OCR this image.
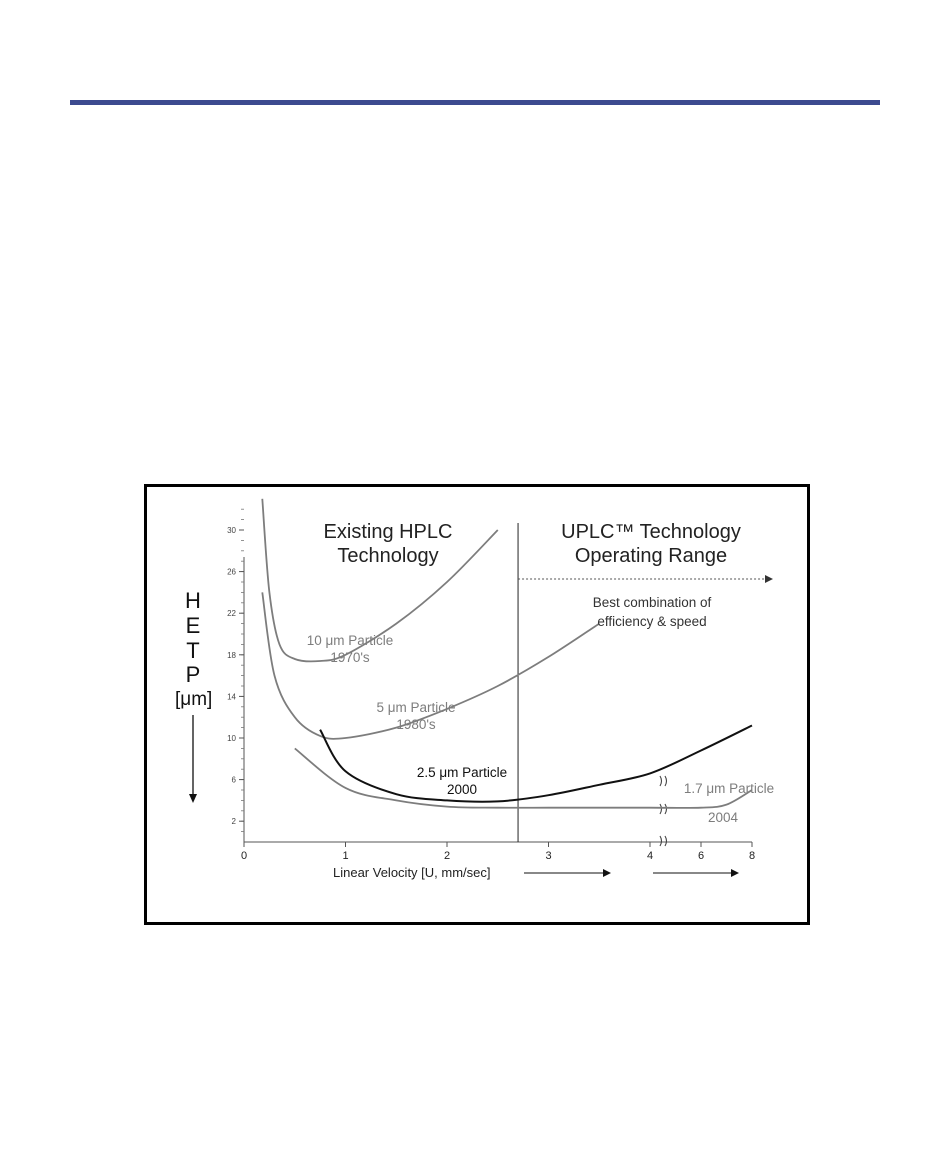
2
6
10
14
18
22
26
30
0	1	2	3	4	6	8
Existing HPLC Technology
UPLC™ Technology
Operating Range
Best combination of
efficiency & speed
H
E
T
P
[μm]
10 μm Particle
1970's
5 μm Particle
1980's
2.5 μm Particle
2000	1.7 μm Particle
2004
Linear Velocity [U, mm/sec]
